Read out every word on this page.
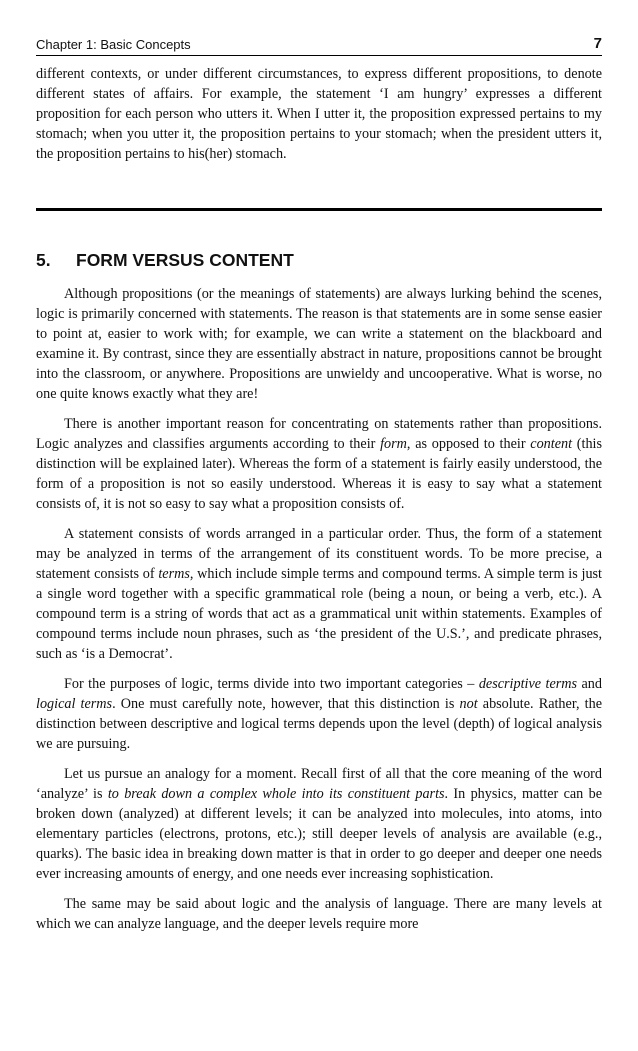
Chapter 1: Basic Concepts	7

different contexts, or under different circumstances, to express different propositions, to denote different states of affairs. For example, the statement ‘I am hungry’ expresses a different proposition for each person who utters it. When I utter it, the proposition expressed pertains to my stomach; when you utter it, the proposition pertains to your stomach; when the president utters it, the proposition pertains to his(her) stomach.

5.	FORM VERSUS CONTENT

Although propositions (or the meanings of statements) are always lurking behind the scenes, logic is primarily concerned with statements. The reason is that statements are in some sense easier to point at, easier to work with; for example, we can write a statement on the blackboard and examine it. By contrast, since they are essentially abstract in nature, propositions cannot be brought into the classroom, or anywhere. Propositions are unwieldy and uncooperative. What is worse, no one quite knows exactly what they are!

There is another important reason for concentrating on statements rather than propositions. Logic analyzes and classifies arguments according to their form, as opposed to their content (this distinction will be explained later). Whereas the form of a statement is fairly easily understood, the form of a proposition is not so easily understood. Whereas it is easy to say what a statement consists of, it is not so easy to say what a proposition consists of.

A statement consists of words arranged in a particular order. Thus, the form of a statement may be analyzed in terms of the arrangement of its constituent words. To be more precise, a statement consists of terms, which include simple terms and compound terms. A simple term is just a single word together with a specific grammatical role (being a noun, or being a verb, etc.). A compound term is a string of words that act as a grammatical unit within statements. Examples of compound terms include noun phrases, such as ‘the president of the U.S.’, and predicate phrases, such as ‘is a Democrat’.

For the purposes of logic, terms divide into two important categories – descriptive terms and logical terms. One must carefully note, however, that this distinction is not absolute. Rather, the distinction between descriptive and logical terms depends upon the level (depth) of logical analysis we are pursuing.

Let us pursue an analogy for a moment. Recall first of all that the core meaning of the word ‘analyze’ is to break down a complex whole into its constituent parts. In physics, matter can be broken down (analyzed) at different levels; it can be analyzed into molecules, into atoms, into elementary particles (electrons, protons, etc.); still deeper levels of analysis are available (e.g., quarks). The basic idea in breaking down matter is that in order to go deeper and deeper one needs ever increasing amounts of energy, and one needs ever increasing sophistication.

The same may be said about logic and the analysis of language. There are many levels at which we can analyze language, and the deeper levels require more
